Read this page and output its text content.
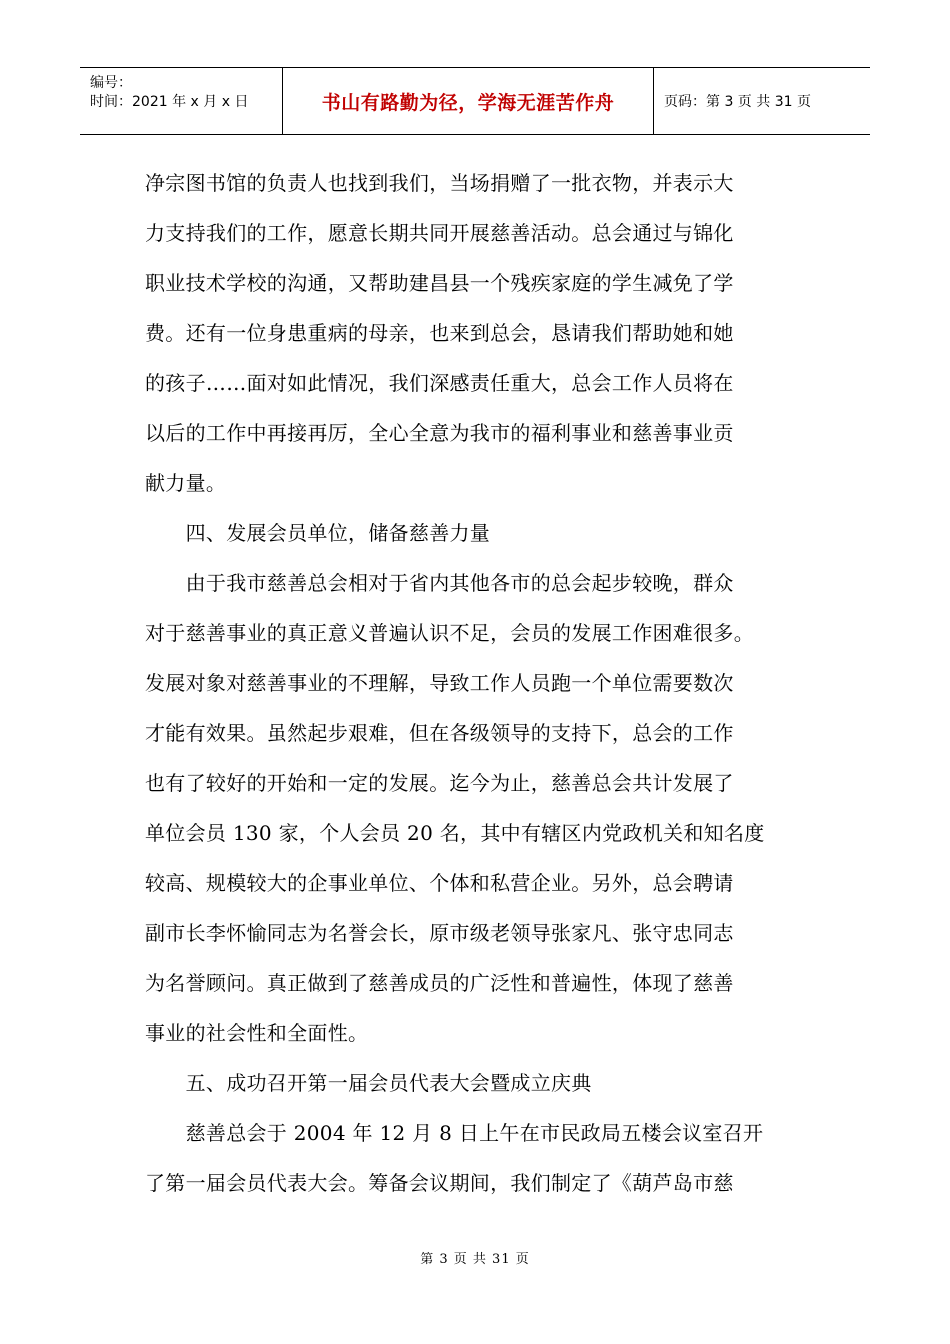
编号：
时间：2021 年 x 月 x 日	书山有路勤为径，学海无涯苦作舟	页码：第 3 页 共 31 页
净宗图书馆的负责人也找到我们，当场捐赠了一批衣物，并表示大
力支持我们的工作，愿意长期共同开展慈善活动。总会通过与锦化
职业技术学校的沟通，又帮助建昌县一个残疾家庭的学生减免了学
费。还有一位身患重病的母亲，也来到总会，恳请我们帮助她和她
的孩子……面对如此情况，我们深感责任重大，总会工作人员将在
以后的工作中再接再厉，全心全意为我市的福利事业和慈善事业贡
献力量。
　　四、发展会员单位，储备慈善力量
　　由于我市慈善总会相对于省内其他各市的总会起步较晚，群众
对于慈善事业的真正意义普遍认识不足，会员的发展工作困难很多。
发展对象对慈善事业的不理解，导致工作人员跑一个单位需要数次
才能有效果。虽然起步艰难，但在各级领导的支持下，总会的工作
也有了较好的开始和一定的发展。迄今为止，慈善总会共计发展了
单位会员 130 家，个人会员 20 名，其中有辖区内党政机关和知名度
较高、规模较大的企事业单位、个体和私营企业。另外，总会聘请
副市长李怀愉同志为名誉会长，原市级老领导张家凡、张守忠同志
为名誉顾问。真正做到了慈善成员的广泛性和普遍性，体现了慈善
事业的社会性和全面性。
　　五、成功召开第一届会员代表大会暨成立庆典
　　慈善总会于 2004 年 12 月 8 日上午在市民政局五楼会议室召开
了第一届会员代表大会。筹备会议期间，我们制定了《葫芦岛市慈
第 3 页 共 31 页
